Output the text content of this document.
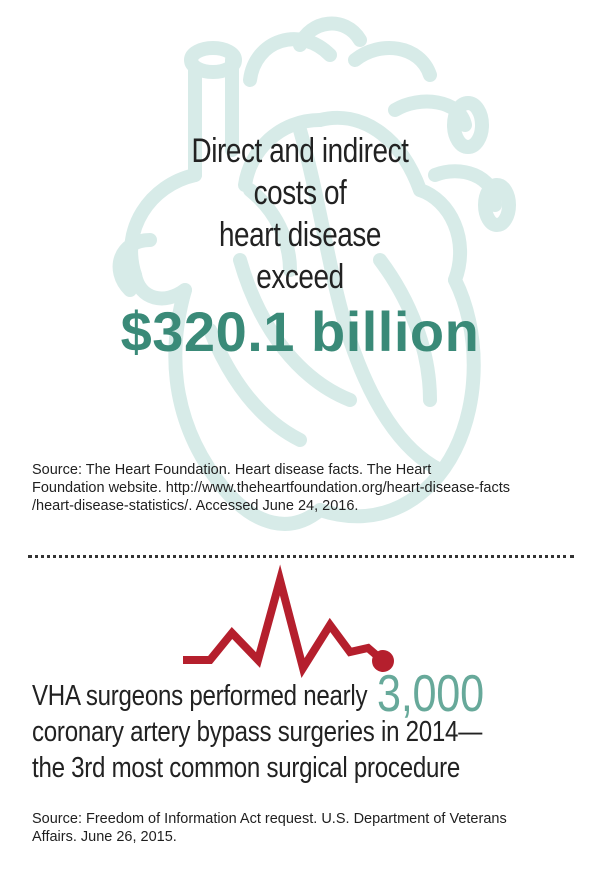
Direct and indirect
costs of
heart disease
exceed
$320.1 billion
Source: The Heart Foundation. Heart disease facts. The Heart
Foundation website. http://www.theheartfoundation.org/heart-disease-facts
/heart-disease-statistics/. Accessed June 24, 2016.
VHA surgeons performed nearly 3,000
coronary artery bypass surgeries in 2014—
the 3rd most common surgical procedure
Source: Freedom of Information Act request. U.S. Department of Veterans
Affairs. June 26, 2015.
